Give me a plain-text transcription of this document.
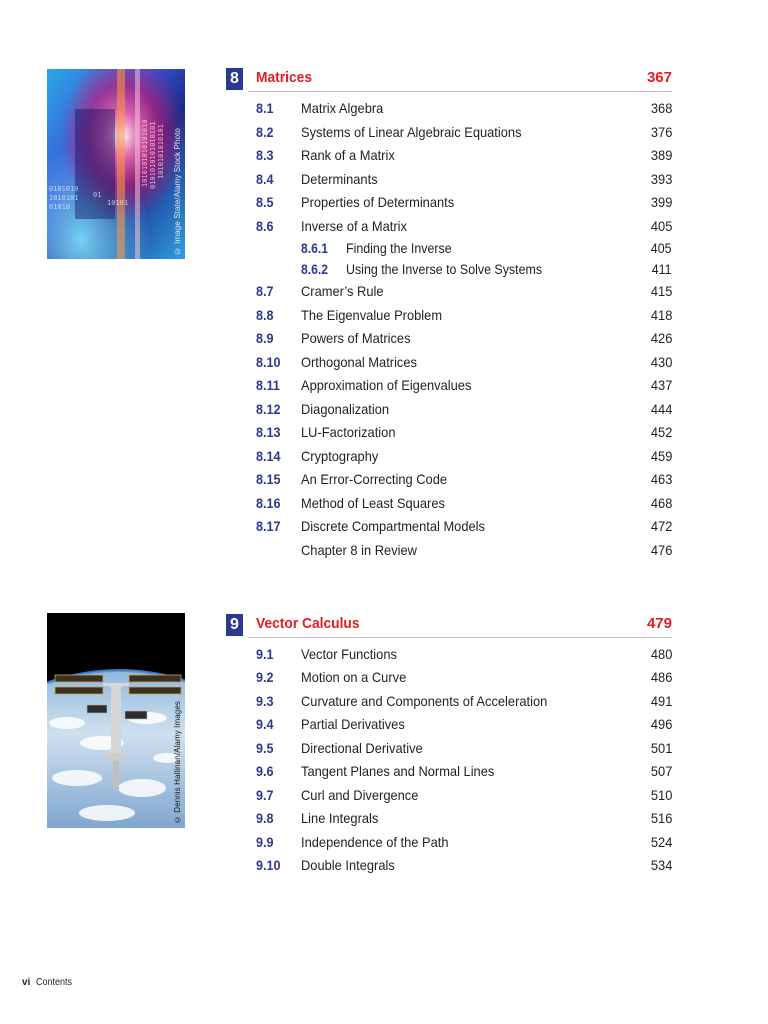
0101010
1010101
01010
01
10101
1010101010101010 0101010101010101 1010101010101 © Image State/Alamy Stock Photo
8 Matrices	367
8.1 Matrix Algebra	368
8.2 Systems of Linear Algebraic Equations	376
8.3 Rank of a Matrix	389
8.4 Determinants	393
8.5 Properties of Determinants	399
8.6 Inverse of a Matrix	405
8.6.1 Finding the Inverse	405
8.6.2 Using the Inverse to Solve Systems	411
8.7 Cramer’s Rule	415
8.8 The Eigenvalue Problem	418
8.9 Powers of Matrices	426
8.10 Orthogonal Matrices	430
8.11 Approximation of Eigenvalues	437
8.12 Diagonalization	444
8.13 LU-Factorization	452
8.14 Cryptography	459
8.15 An Error-Correcting Code	463
8.16 Method of Least Squares	468
8.17 Discrete Compartmental Models	472
Chapter 8 in Review	476
© Dennis Hallinan/Alamy Images
9 Vector Calculus	479
9.1 Vector Functions	480
9.2 Motion on a Curve	486
9.3 Curvature and Components of Acceleration	491
9.4 Partial Derivatives	496
9.5 Directional Derivative	501
9.6 Tangent Planes and Normal Lines	507
9.7 Curl and Divergence	510
9.8 Line Integrals	516
9.9 Independence of the Path	524
9.10 Double Integrals	534
vi Contents
